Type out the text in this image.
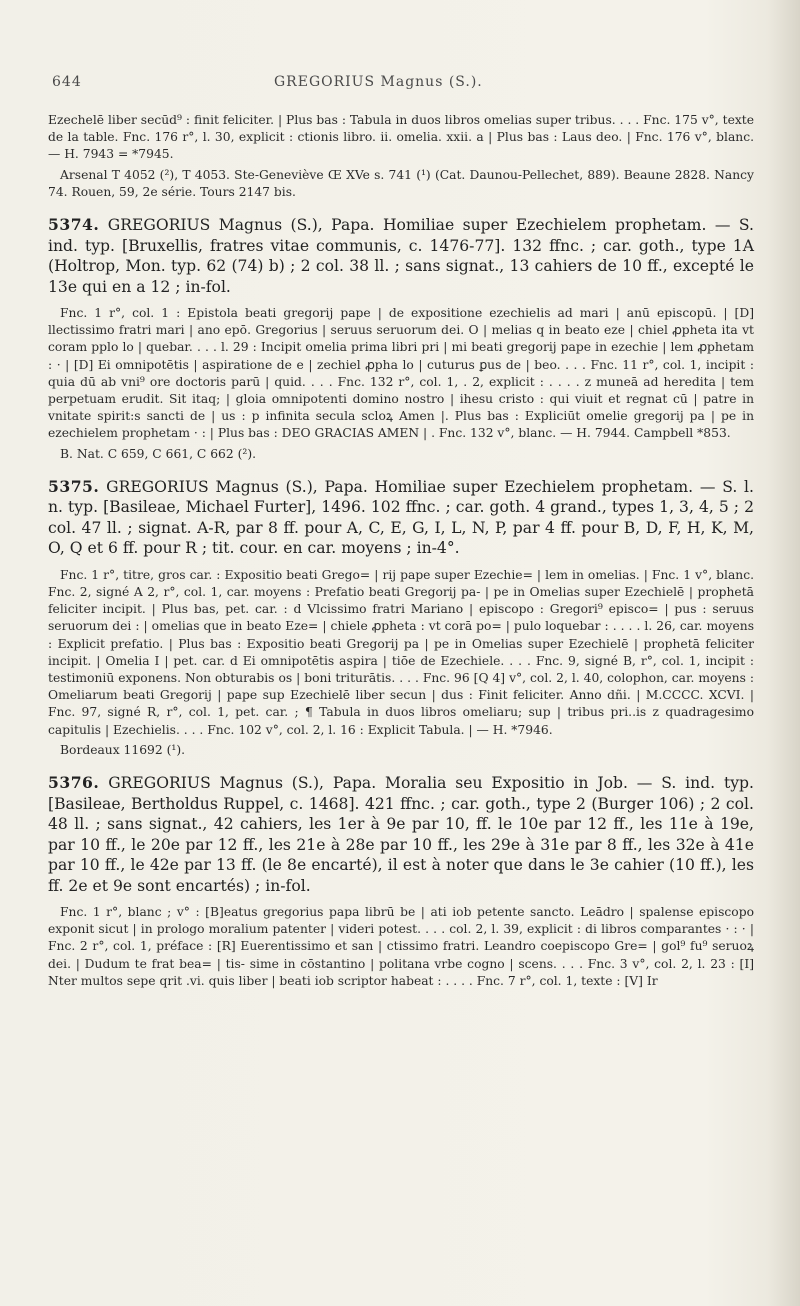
644	GREGORIUS Magnus (S.).

Ezechelē liber secūd⁹ : finit feliciter. | Plus bas : Tabula in duos libros omelias super tribus. . . . Fnc. 175 v°, texte de la table. Fnc. 176 r°, l. 30, explicit : ctionis libro. ii. omelia. xxii. a | Plus bas : Laus deo. | Fnc. 176 v°, blanc. — H. 7943 = *7945.

Arsenal T 4052 (²), T 4053. Ste-Geneviève Œ XVe s. 741 (¹) (Cat. Daunou-Pellechet, 889). Beaune 2828. Nancy 74. Rouen, 59, 2e série. Tours 2147 bis.

5374. GREGORIUS Magnus (S.), Papa. Homiliae super Ezechielem prophetam. — S. ind. typ. [Bruxellis, fratres vitae communis, c. 1476-77]. 132 ffnc. ; car. goth., type 1A (Holtrop, Mon. typ. 62 (74) b) ; 2 col. 38 ll. ; sans signat., 13 cahiers de 10 ff., excepté le 13e qui en a 12 ; in-fol.

Fnc. 1 r°, col. 1 : Epistola beati gregorij pape | de expositione ezechielis ad mari | anū episcopū. | [D] llectissimo fratri mari | ano epō. Gregorius | seruus seruorum dei. O | melias q in beato eze | chiel ꝓpheta ita vt coram pplo lo | quebar. . . . l. 29 : Incipit omelia prima libri pri | mi beati gregorij pape in ezechie | lem ꝓphetam : · | [D] Ei omnipotētis | aspiratione de e | zechiel ꝓpha lo | cuturus ꝑus de | beo. . . . Fnc. 11 r°, col. 1, incipit : quia dū ab vni⁹ ore doctoris parū | quid. . . . Fnc. 132 r°, col. 1, . 2, explicit : . . . . z muneā ad heredita | tem perpetuam erudit. Sit itaq; | gloia omnipotenti domino nostro | ihesu cristo : qui viuit et regnat cū | patre in vnitate spirit:s sancti de | us : p infinita secula scloꝝ Amen |. Plus bas : Expliciūt omelie gregorij pa | pe in ezechielem prophetam · : | Plus bas : DEO GRACIAS AMEN | . Fnc. 132 v°, blanc. — H. 7944. Campbell *853.

B. Nat. C 659, C 661, C 662 (²).

5375. GREGORIUS Magnus (S.), Papa. Homiliae super Ezechielem prophetam. — S. l. n. typ. [Basileae, Michael Furter], 1496. 102 ffnc. ; car. goth. 4 grand., types 1, 3, 4, 5 ; 2 col. 47 ll. ; signat. A-R, par 8 ff. pour A, C, E, G, I, L, N, P, par 4 ff. pour B, D, F, H, K, M, O, Q et 6 ff. pour R ; tit. cour. en car. moyens ; in-4°.

Fnc. 1 r°, titre, gros car. : Expositio beati Grego= | rij pape super Ezechie= | lem in omelias. | Fnc. 1 v°, blanc. Fnc. 2, signé A 2, r°, col. 1, car. moyens : Prefatio beati Gregorij pa- | pe in Omelias super Ezechielē | prophetā feliciter incipit. | Plus bas, pet. car. : d Vlcissimo fratri Mariano | episcopo : Gregori⁹ episco= | pus : seruus seruorum dei : | omelias que in beato Eze= | chiele ꝓpheta : vt corā po= | pulo loquebar : . . . . l. 26, car. moyens : Explicit prefatio. | Plus bas : Expositio beati Gregorij pa | pe in Omelias super Ezechielē | prophetā feliciter incipit. | Omelia I | pet. car. d Ei omnipotētis aspira | tiōe de Ezechiele. . . . Fnc. 9, signé B, r°, col. 1, incipit : testimoniū exponens. Non obturabis os | boni triturātis. . . . Fnc. 96 [Q 4] v°, col. 2, l. 40, colophon, car. moyens : Omeliarum beati Gregorij | pape sup Ezechielē liber secun | dus : Finit feliciter. Anno dñi. | M.CCCC. XCVI. | Fnc. 97, signé R, r°, col. 1, pet. car. ; ¶ Tabula in duos libros omeliaru; sup | tribus pri..is z quadragesimo capitulis | Ezechielis. . . . Fnc. 102 v°, col. 2, l. 16 : Explicit Tabula. | — H. *7946.

Bordeaux 11692 (¹).

5376. GREGORIUS Magnus (S.), Papa. Moralia seu Expositio in Job. — S. ind. typ. [Basileae, Bertholdus Ruppel, c. 1468]. 421 ffnc. ; car. goth., type 2 (Burger 106) ; 2 col. 48 ll. ; sans signat., 42 cahiers, les 1er à 9e par 10, ff. le 10e par 12 ff., les 11e à 19e, par 10 ff., le 20e par 12 ff., les 21e à 28e par 10 ff., les 29e à 31e par 8 ff., les 32e à 41e par 10 ff., le 42e par 13 ff. (le 8e encarté), il est à noter que dans le 3e cahier (10 ff.), les ff. 2e et 9e sont encartés) ; in-fol.

Fnc. 1 r°, blanc ; v° : [B]eatus gregorius papa librū be | ati iob petente sancto. Leādro | spalense episcopo exponit sicut | in prologo moralium patenter | videri potest. . . . col. 2, l. 39, explicit : di libros comparantes · : · | Fnc. 2 r°, col. 1, préface : [R] Euerentissimo et san | ctissimo fratri. Leandro coepiscopo Gre= | gol⁹ fu⁹ seruoꝝ dei. | Dudum te frat bea= | tis- sime in cōstantino | politana vrbe cogno | scens. . . . Fnc. 3 v°, col. 2, l. 23 : [I] Nter multos sepe qrit .vi. quis liber | beati iob scriptor habeat : . . . . Fnc. 7 r°, col. 1, texte : [V] Ir
